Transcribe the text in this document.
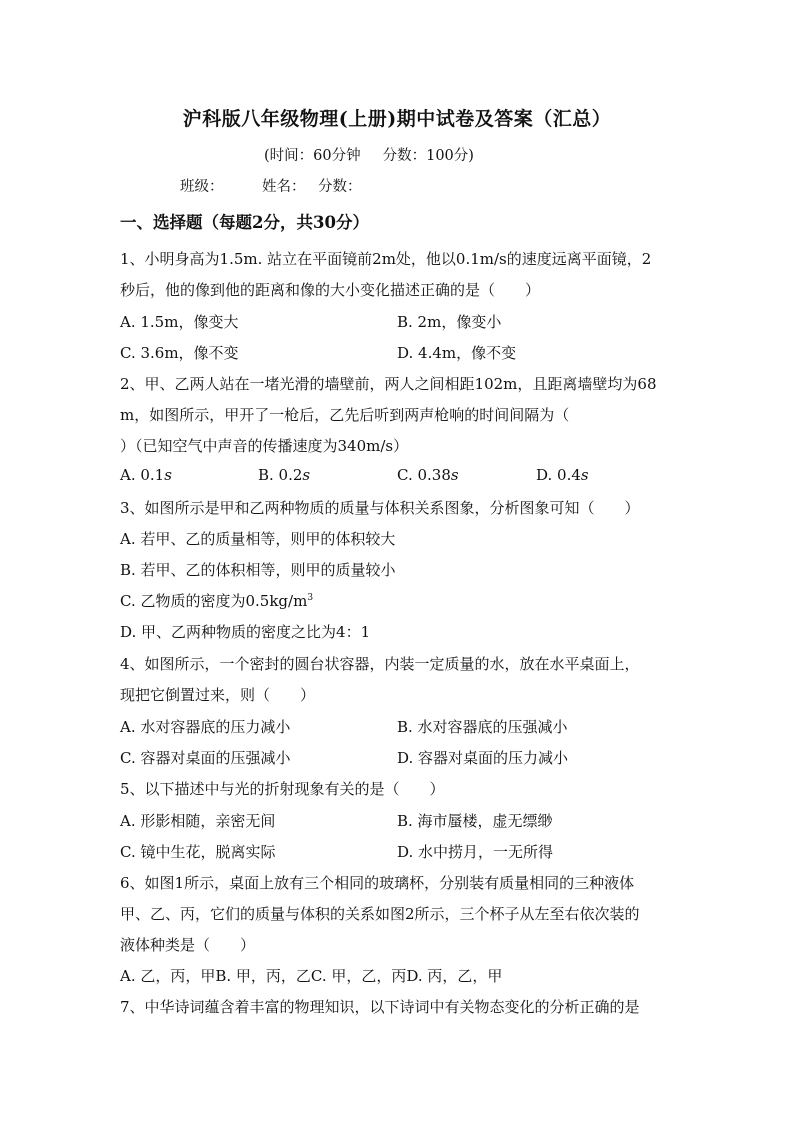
沪科版八年级物理(上册)期中试卷及答案（汇总）
(时间：60分钟 分数：100分)
班级：	姓名： 分数：
一、选择题（每题2分，共30分）
1、小明身高为1.5m. 站立在平面镜前2m处，他以0.1m/s的速度远离平面镜，2
秒后，他的像到他的距离和像的大小变化描述正确的是（　　）
A. 1.5m，像变大	B. 2m，像变小
C. 3.6m，像不变	D. 4.4m，像不变
2、甲、乙两人站在一堵光滑的墙壁前，两人之间相距102m，且距离墙壁均为68
m，如图所示，甲开了一枪后，乙先后听到两声枪响的时间间隔为（
）（已知空气中声音的传播速度为340m/s）
A. 0.1s	B. 0.2s	C. 0.38s	D. 0.4s
3、如图所示是甲和乙两种物质的质量与体积关系图象，分析图象可知（　　）
A. 若甲、乙的质量相等，则甲的体积较大
B. 若甲、乙的体积相等，则甲的质量较小
C. 乙物质的密度为$0.5kg/m^3$
D. 甲、乙两种物质的密度之比为4：1
4、如图所示，一个密封的圆台状容器，内装一定质量的水，放在水平桌面上，
现把它倒置过来，则（　　）
A. 水对容器底的压力减小	B. 水对容器底的压强减小
C. 容器对桌面的压强减小	D. 容器对桌面的压力减小
5、以下描述中与光的折射现象有关的是（　　）
A. 形影相随，亲密无间	B. 海市蜃楼，虚无缥缈
C. 镜中生花，脱离实际	D. 水中捞月，一无所得
6、如图1所示，桌面上放有三个相同的玻璃杯，分别装有质量相同的三种液体
甲、乙、丙，它们的质量与体积的关系如图2所示，三个杯子从左至右依次装的
液体种类是（　　）
A. 乙，丙，甲B. 甲，丙，乙C. 甲，乙，丙D. 丙，乙，甲
7、中华诗词蕴含着丰富的物理知识，以下诗词中有关物态变化的分析正确的是
